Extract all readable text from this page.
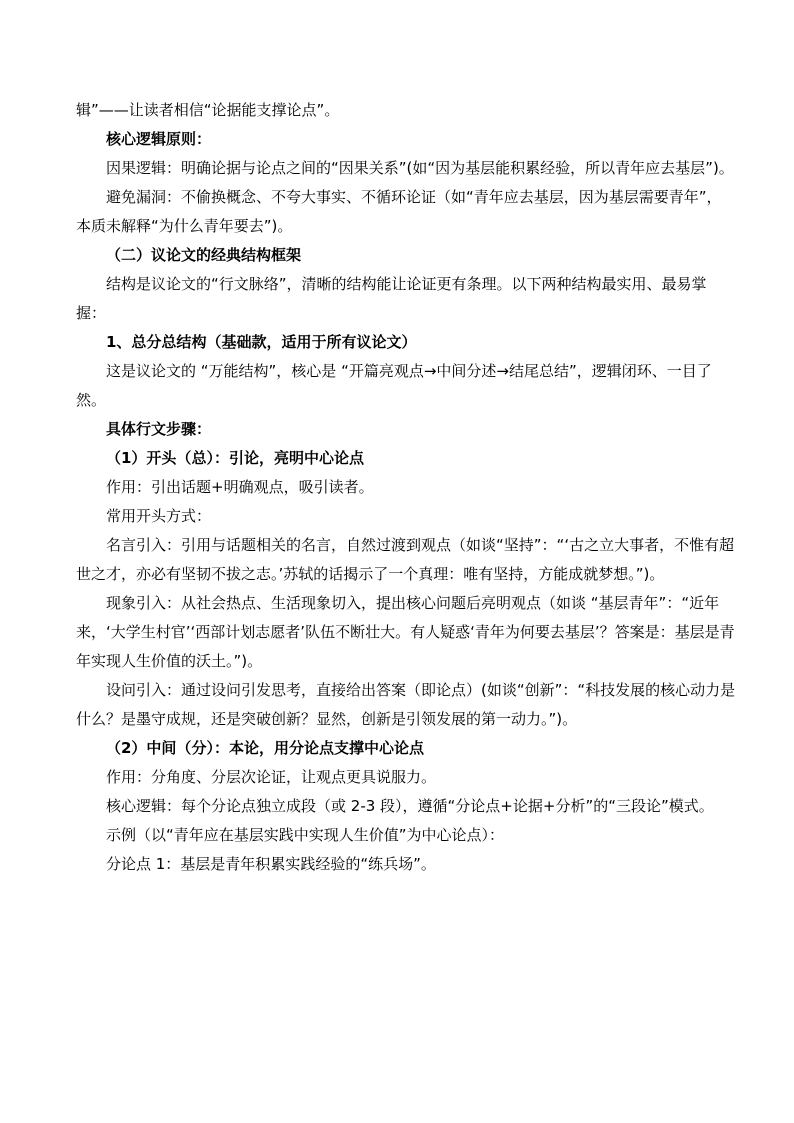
辑”——让读者相信“论据能支撑论点”。

核心逻辑原则：

因果逻辑：明确论据与论点之间的“因果关系”(如“因为基层能积累经验，所以青年应去基层”)。

避免漏洞：不偷换概念、不夸大事实、不循环论证（如“青年应去基层，因为基层需要青年”，本质未解释“为什么青年要去”)。

（二）议论文的经典结构框架

结构是议论文的“行文脉络”，清晰的结构能让论证更有条理。以下两种结构最实用、最易掌握：

1、总分总结构（基础款，适用于所有议论文）

这是议论文的 “万能结构”，核心是 “开篇亮观点→中间分述→结尾总结”，逻辑闭环、一目了然。

具体行文步骤：

（1）开头（总）：引论，亮明中心论点

作用：引出话题+明确观点，吸引读者。

常用开头方式：

名言引入：引用与话题相关的名言，自然过渡到观点（如谈“坚持”：“‘古之立大事者，不惟有超世之才，亦必有坚韧不拔之志。’苏轼的话揭示了一个真理：唯有坚持，方能成就梦想。”)。

现象引入：从社会热点、生活现象切入，提出核心问题后亮明观点（如谈 “基层青年”：“近年来，‘大学生村官’‘西部计划志愿者’队伍不断壮大。有人疑惑‘青年为何要去基层’？答案是：基层是青年实现人生价值的沃土。”)。

设问引入：通过设问引发思考，直接给出答案（即论点）(如谈“创新”：“科技发展的核心动力是什么？是墨守成规，还是突破创新？显然，创新是引领发展的第一动力。”)。

（2）中间（分）：本论，用分论点支撑中心论点

作用：分角度、分层次论证，让观点更具说服力。

核心逻辑：每个分论点独立成段（或 2-3 段），遵循“分论点+论据+分析”的“三段论”模式。

示例（以“青年应在基层实践中实现人生价值”为中心论点）：

分论点 1：基层是青年积累实践经验的“练兵场”。
